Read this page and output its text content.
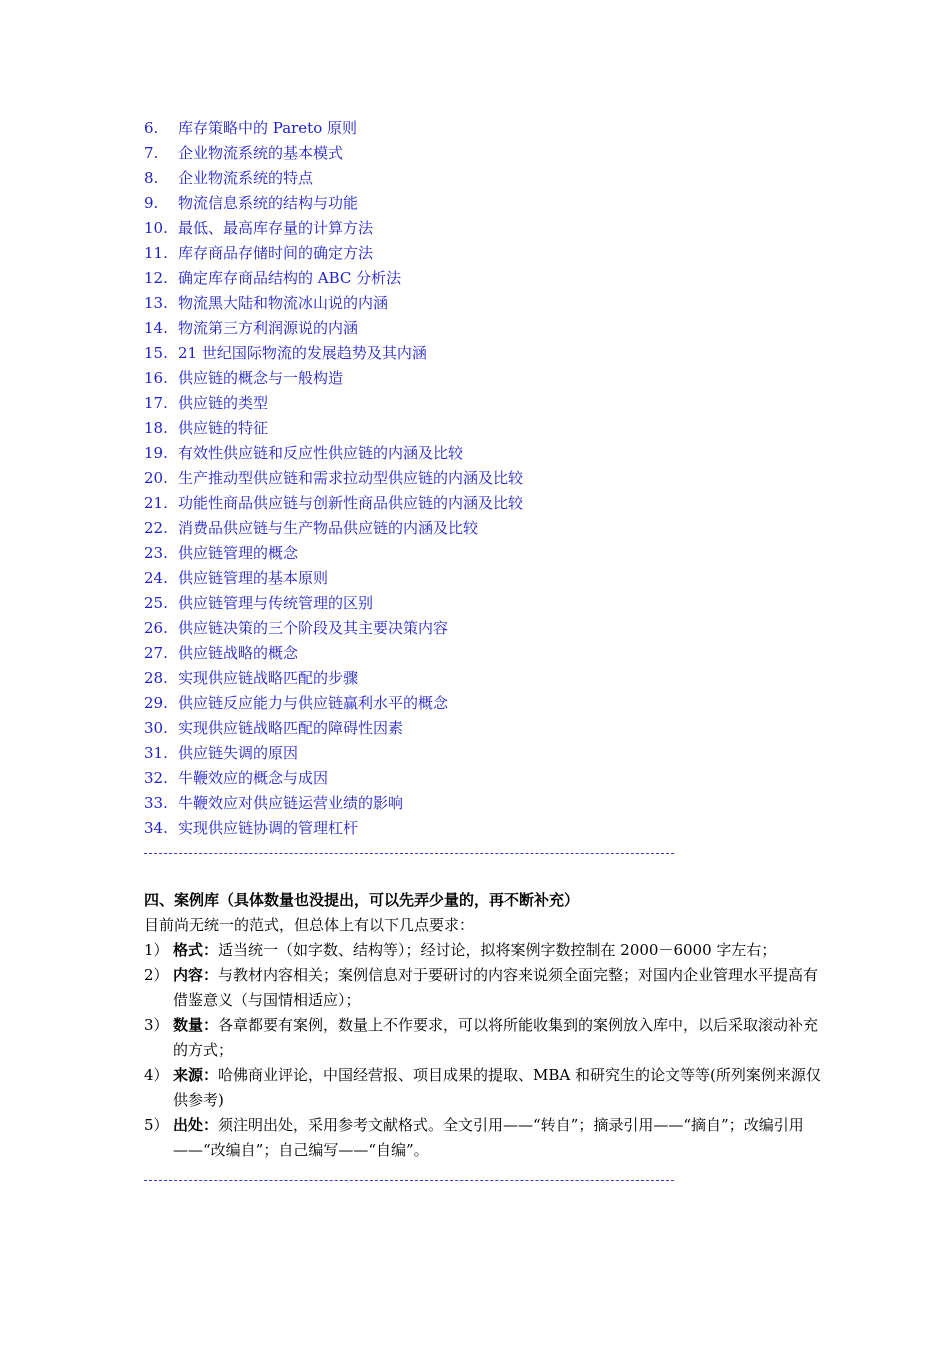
6. 库存策略中的 Pareto 原则
7. 企业物流系统的基本模式
8. 企业物流系统的特点
9. 物流信息系统的结构与功能
10. 最低、最高库存量的计算方法
11. 库存商品存储时间的确定方法
12. 确定库存商品结构的 ABC 分析法
13. 物流黑大陆和物流冰山说的内涵
14. 物流第三方利润源说的内涵
15. 21 世纪国际物流的发展趋势及其内涵
16. 供应链的概念与一般构造
17. 供应链的类型
18. 供应链的特征
19. 有效性供应链和反应性供应链的内涵及比较
20. 生产推动型供应链和需求拉动型供应链的内涵及比较
21. 功能性商品供应链与创新性商品供应链的内涵及比较
22. 消费品供应链与生产物品供应链的内涵及比较
23. 供应链管理的概念
24. 供应链管理的基本原则
25. 供应链管理与传统管理的区别
26. 供应链决策的三个阶段及其主要决策内容
27. 供应链战略的概念
28. 实现供应链战略匹配的步骤
29. 供应链反应能力与供应链赢利水平的概念
30. 实现供应链战略匹配的障碍性因素
31. 供应链失调的原因
32. 牛鞭效应的概念与成因
33. 牛鞭效应对供应链运营业绩的影响
34. 实现供应链协调的管理杠杆
四、案例库（具体数量也没提出，可以先弄少量的，再不断补充）

目前尚无统一的范式，但总体上有以下几点要求：

1） 格式：适当统一（如字数、结构等）；经讨论，拟将案例字数控制在 2000－6000 字左右；
2） 内容：与教材内容相关；案例信息对于要研讨的内容来说须全面完整；对国内企业管理水平提高有借鉴意义（与国情相适应）；
3） 数量：各章都要有案例，数量上不作要求，可以将所能收集到的案例放入库中，以后采取滚动补充的方式；
4） 来源：哈佛商业评论，中国经营报、项目成果的提取、MBA 和研究生的论文等等(所列案例来源仅供参考)
5） 出处：须注明出处，采用参考文献格式。全文引用——“转自”；摘录引用——“摘自”；改编引用——“改编自”；自己编写——“自编”。
